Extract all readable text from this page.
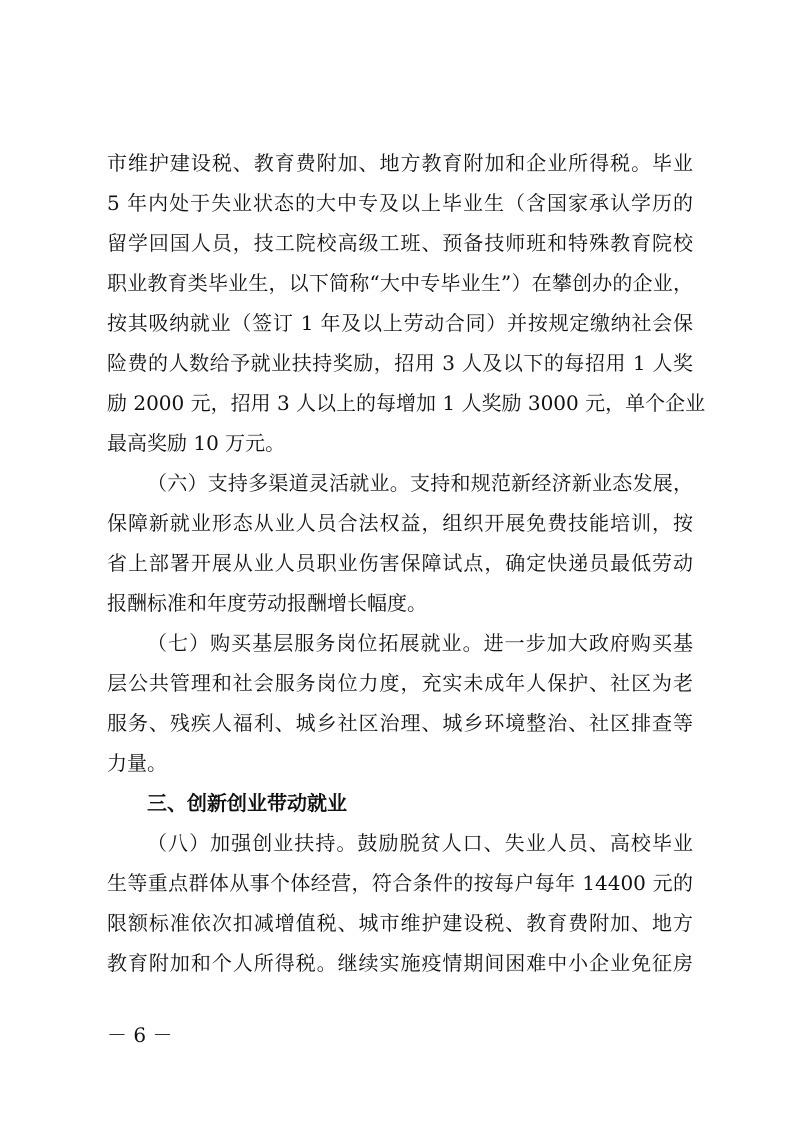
市维护建设税、教育费附加、地方教育附加和企业所得税。毕业
5 年内处于失业状态的大中专及以上毕业生（含国家承认学历的
留学回国人员，技工院校高级工班、预备技师班和特殊教育院校
职业教育类毕业生，以下简称“大中专毕业生”）在攀创办的企业，
按其吸纳就业（签订 1 年及以上劳动合同）并按规定缴纳社会保
险费的人数给予就业扶持奖励，招用 3 人及以下的每招用 1 人奖
励 2000 元，招用 3 人以上的每增加 1 人奖励 3000 元，单个企业
最高奖励 10 万元。
（六）支持多渠道灵活就业。支持和规范新经济新业态发展，
保障新就业形态从业人员合法权益，组织开展免费技能培训，按
省上部署开展从业人员职业伤害保障试点，确定快递员最低劳动
报酬标准和年度劳动报酬增长幅度。
（七）购买基层服务岗位拓展就业。进一步加大政府购买基
层公共管理和社会服务岗位力度，充实未成年人保护、社区为老
服务、残疾人福利、城乡社区治理、城乡环境整治、社区排查等
力量。
三、创新创业带动就业
（八）加强创业扶持。鼓励脱贫人口、失业人员、高校毕业
生等重点群体从事个体经营，符合条件的按每户每年 14400 元的
限额标准依次扣减增值税、城市维护建设税、教育费附加、地方
教育附加和个人所得税。继续实施疫情期间困难中小企业免征房
－ 6 －
